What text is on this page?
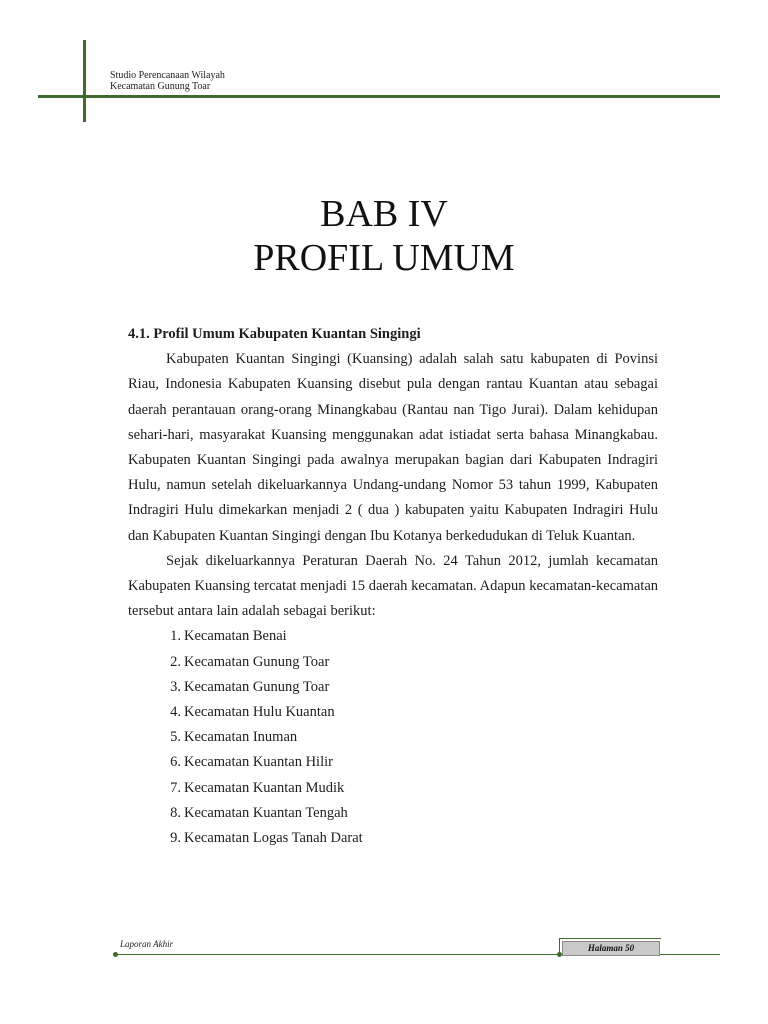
Studio Perencanaan Wilayah
Kecamatan Gunung Toar
BAB IV
PROFIL UMUM

4.1. Profil Umum Kabupaten Kuantan Singingi

Kabupaten Kuantan Singingi (Kuansing) adalah salah satu kabupaten di Povinsi Riau, Indonesia Kabupaten Kuansing disebut pula dengan rantau Kuantan atau sebagai daerah perantauan orang-orang Minangkabau (Rantau nan Tigo Jurai). Dalam kehidupan sehari-hari, masyarakat Kuansing menggunakan adat istiadat serta bahasa Minangkabau. Kabupaten Kuantan Singingi pada awalnya merupakan bagian dari Kabupaten Indragiri Hulu, namun setelah dikeluarkannya Undang-undang Nomor 53 tahun 1999, Kabupaten Indragiri Hulu dimekarkan menjadi 2 ( dua ) kabupaten yaitu Kabupaten Indragiri Hulu dan Kabupaten Kuantan Singingi dengan Ibu Kotanya berkedudukan di Teluk Kuantan.

Sejak dikeluarkannya Peraturan Daerah No. 24 Tahun 2012, jumlah kecamatan Kabupaten Kuansing tercatat menjadi 15 daerah kecamatan. Adapun kecamatan-kecamatan tersebut antara lain adalah sebagai berikut:

1. Kecamatan Benai
2. Kecamatan Gunung Toar
3. Kecamatan Gunung Toar
4. Kecamatan Hulu Kuantan
5. Kecamatan Inuman
6. Kecamatan Kuantan Hilir
7. Kecamatan Kuantan Mudik
8. Kecamatan Kuantan Tengah
9. Kecamatan Logas Tanah Darat
Laporan Akhir	Halaman 50
